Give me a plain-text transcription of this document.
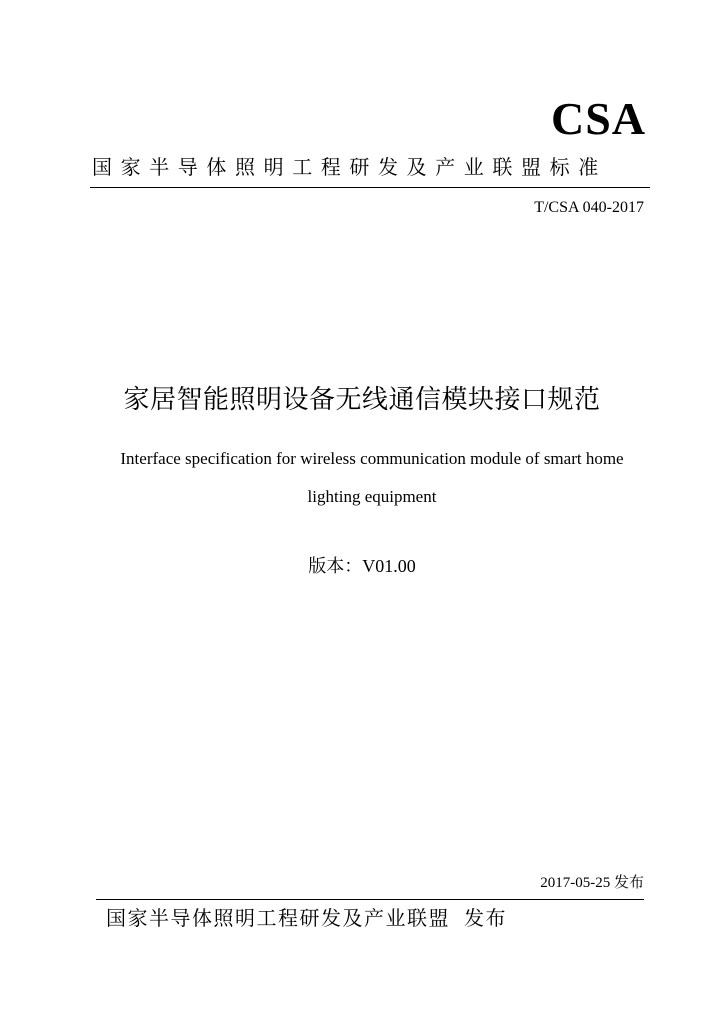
CSA
国家半导体照明工程研发及产业联盟标准
T/CSA 040-2017
家居智能照明设备无线通信模块接口规范
Interface specification for wireless communication module of smart home lighting equipment
版本：V01.00
2017-05-25 发布
国家半导体照明工程研发及产业联盟 发布
